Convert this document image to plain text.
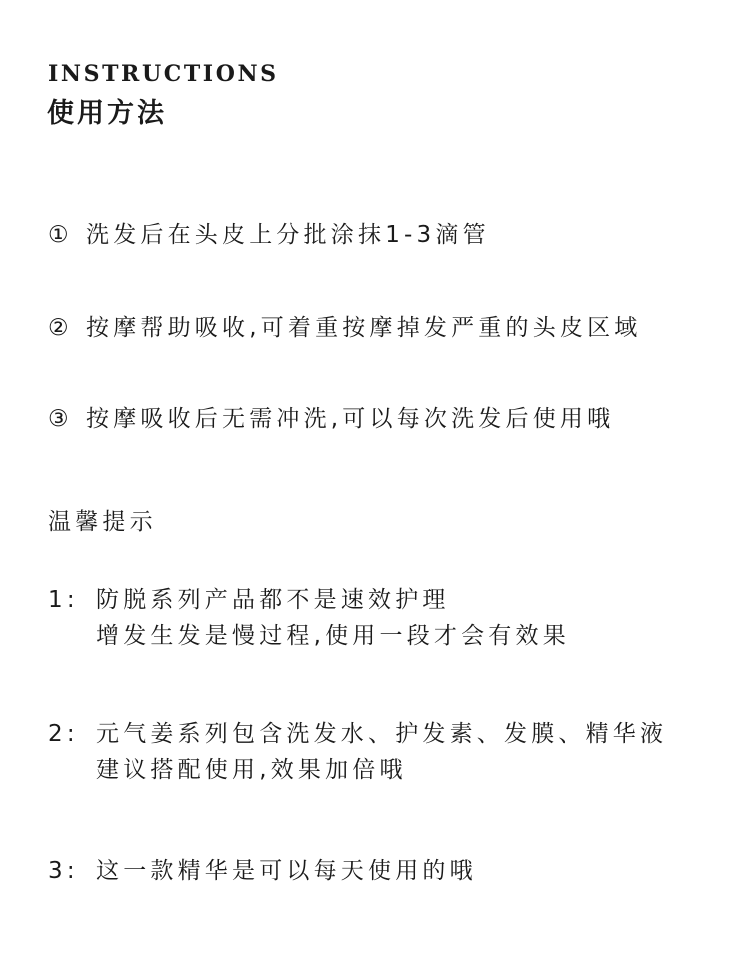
INSTRUCTIONS
使用方法
① 洗发后在头皮上分批涂抹1-3滴管
② 按摩帮助吸收,可着重按摩掉发严重的头皮区域
③ 按摩吸收后无需冲洗,可以每次洗发后使用哦
温馨提示
1: 防脱系列产品都不是速效护理
增发生发是慢过程,使用一段才会有效果
2: 元气姜系列包含洗发水、护发素、发膜、精华液
建议搭配使用,效果加倍哦
3: 这一款精华是可以每天使用的哦
